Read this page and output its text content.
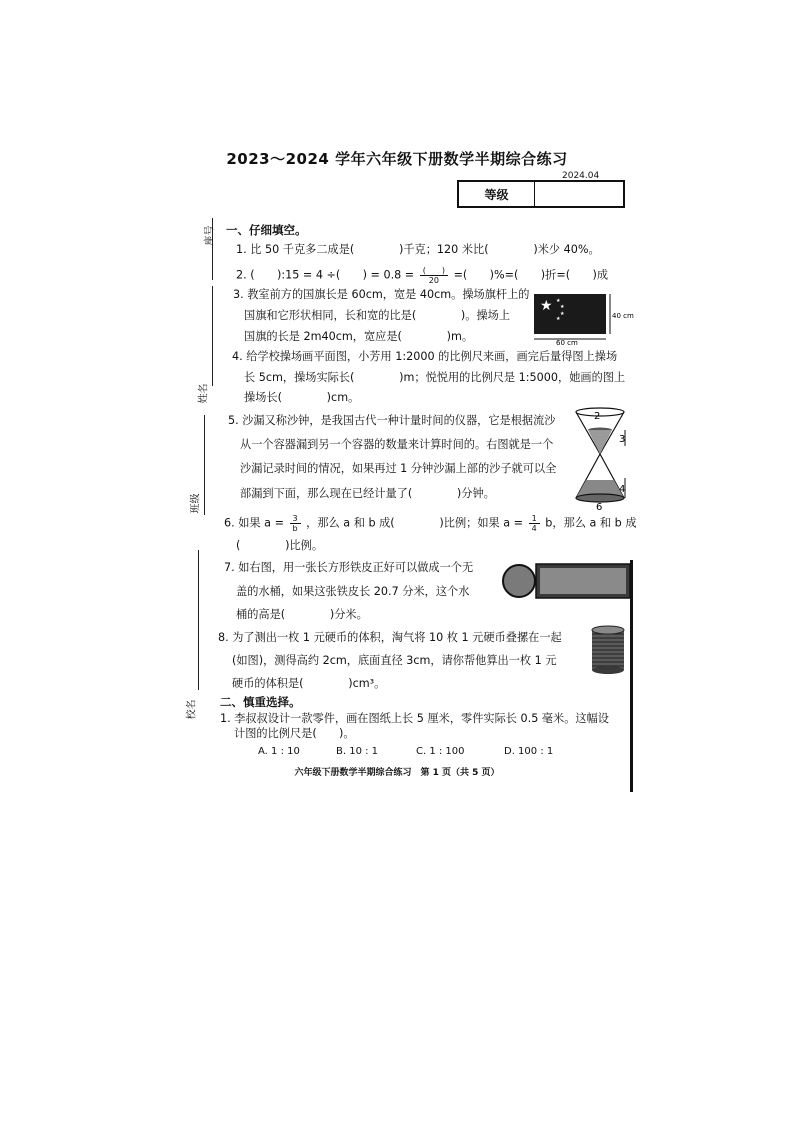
2023～2024 学年六年级下册数学半期综合练习
2024.04
等级
座号
姓名
班级
校名
一、仔细填空。
1. 比 50 千克多二成是(　　　　)千克；120 米比(　　　　)米少 40%。
2. (　　):15 = 4 ÷(　　) = $0.8 = \frac{( )}{20}$ =(　　)%=(　　)折=(　　)成
3. 教室前方的国旗长是 60cm，宽是 40cm。操场旗杆上的
国旗和它形状相同，长和宽的比是(　　　　)。操场上
国旗的长是 2m40cm，宽应是(　　　　)m。
★ ★
★
★
★
60 cm
40 cm
4. 给学校操场画平面图，小芳用 1:2000 的比例尺来画，画完后量得图上操场
长 5cm，操场实际长(　　　　)m；悦悦用的比例尺是 1:5000，她画的图上
操场长(　　　　)cm。
5. 沙漏又称沙钟，是我国古代一种计量时间的仪器，它是根据流沙
从一个容器漏到另一个容器的数量来计算时间的。右图就是一个
沙漏记录时间的情况，如果再过 1 分钟沙漏上部的沙子就可以全
部漏到下面，那么现在已经计量了(　　　　)分钟。
2
3
4
6
6. 如果 $a = \frac{3}{b}$ ，那么 a 和 b 成(　　　　)比例；如果 $a = \frac{1}{4}$ b，那么 a 和 b 成
(　　　　)比例。
7. 如右图，用一张长方形铁皮正好可以做成一个无
盖的水桶，如果这张铁皮长 20.7 分米，这个水
桶的高是(　　　　)分米。
8. 为了测出一枚 1 元硬币的体积，淘气将 10 枚 1 元硬币叠摞在一起
(如图)，测得高约 2cm，底面直径 3cm，请你帮他算出一枚 1 元
硬币的体积是(　　　　)cm³。
二、慎重选择。
1. 李叔叔设计一款零件，画在图纸上长 5 厘米，零件实际长 0.5 毫米。这幅设
计图的比例尺是(　　)。
A. 1 : 10	B. 10 : 1	C. 1 : 100	D. 100 : 1
六年级下册数学半期综合练习　第 1 页（共 5 页）
